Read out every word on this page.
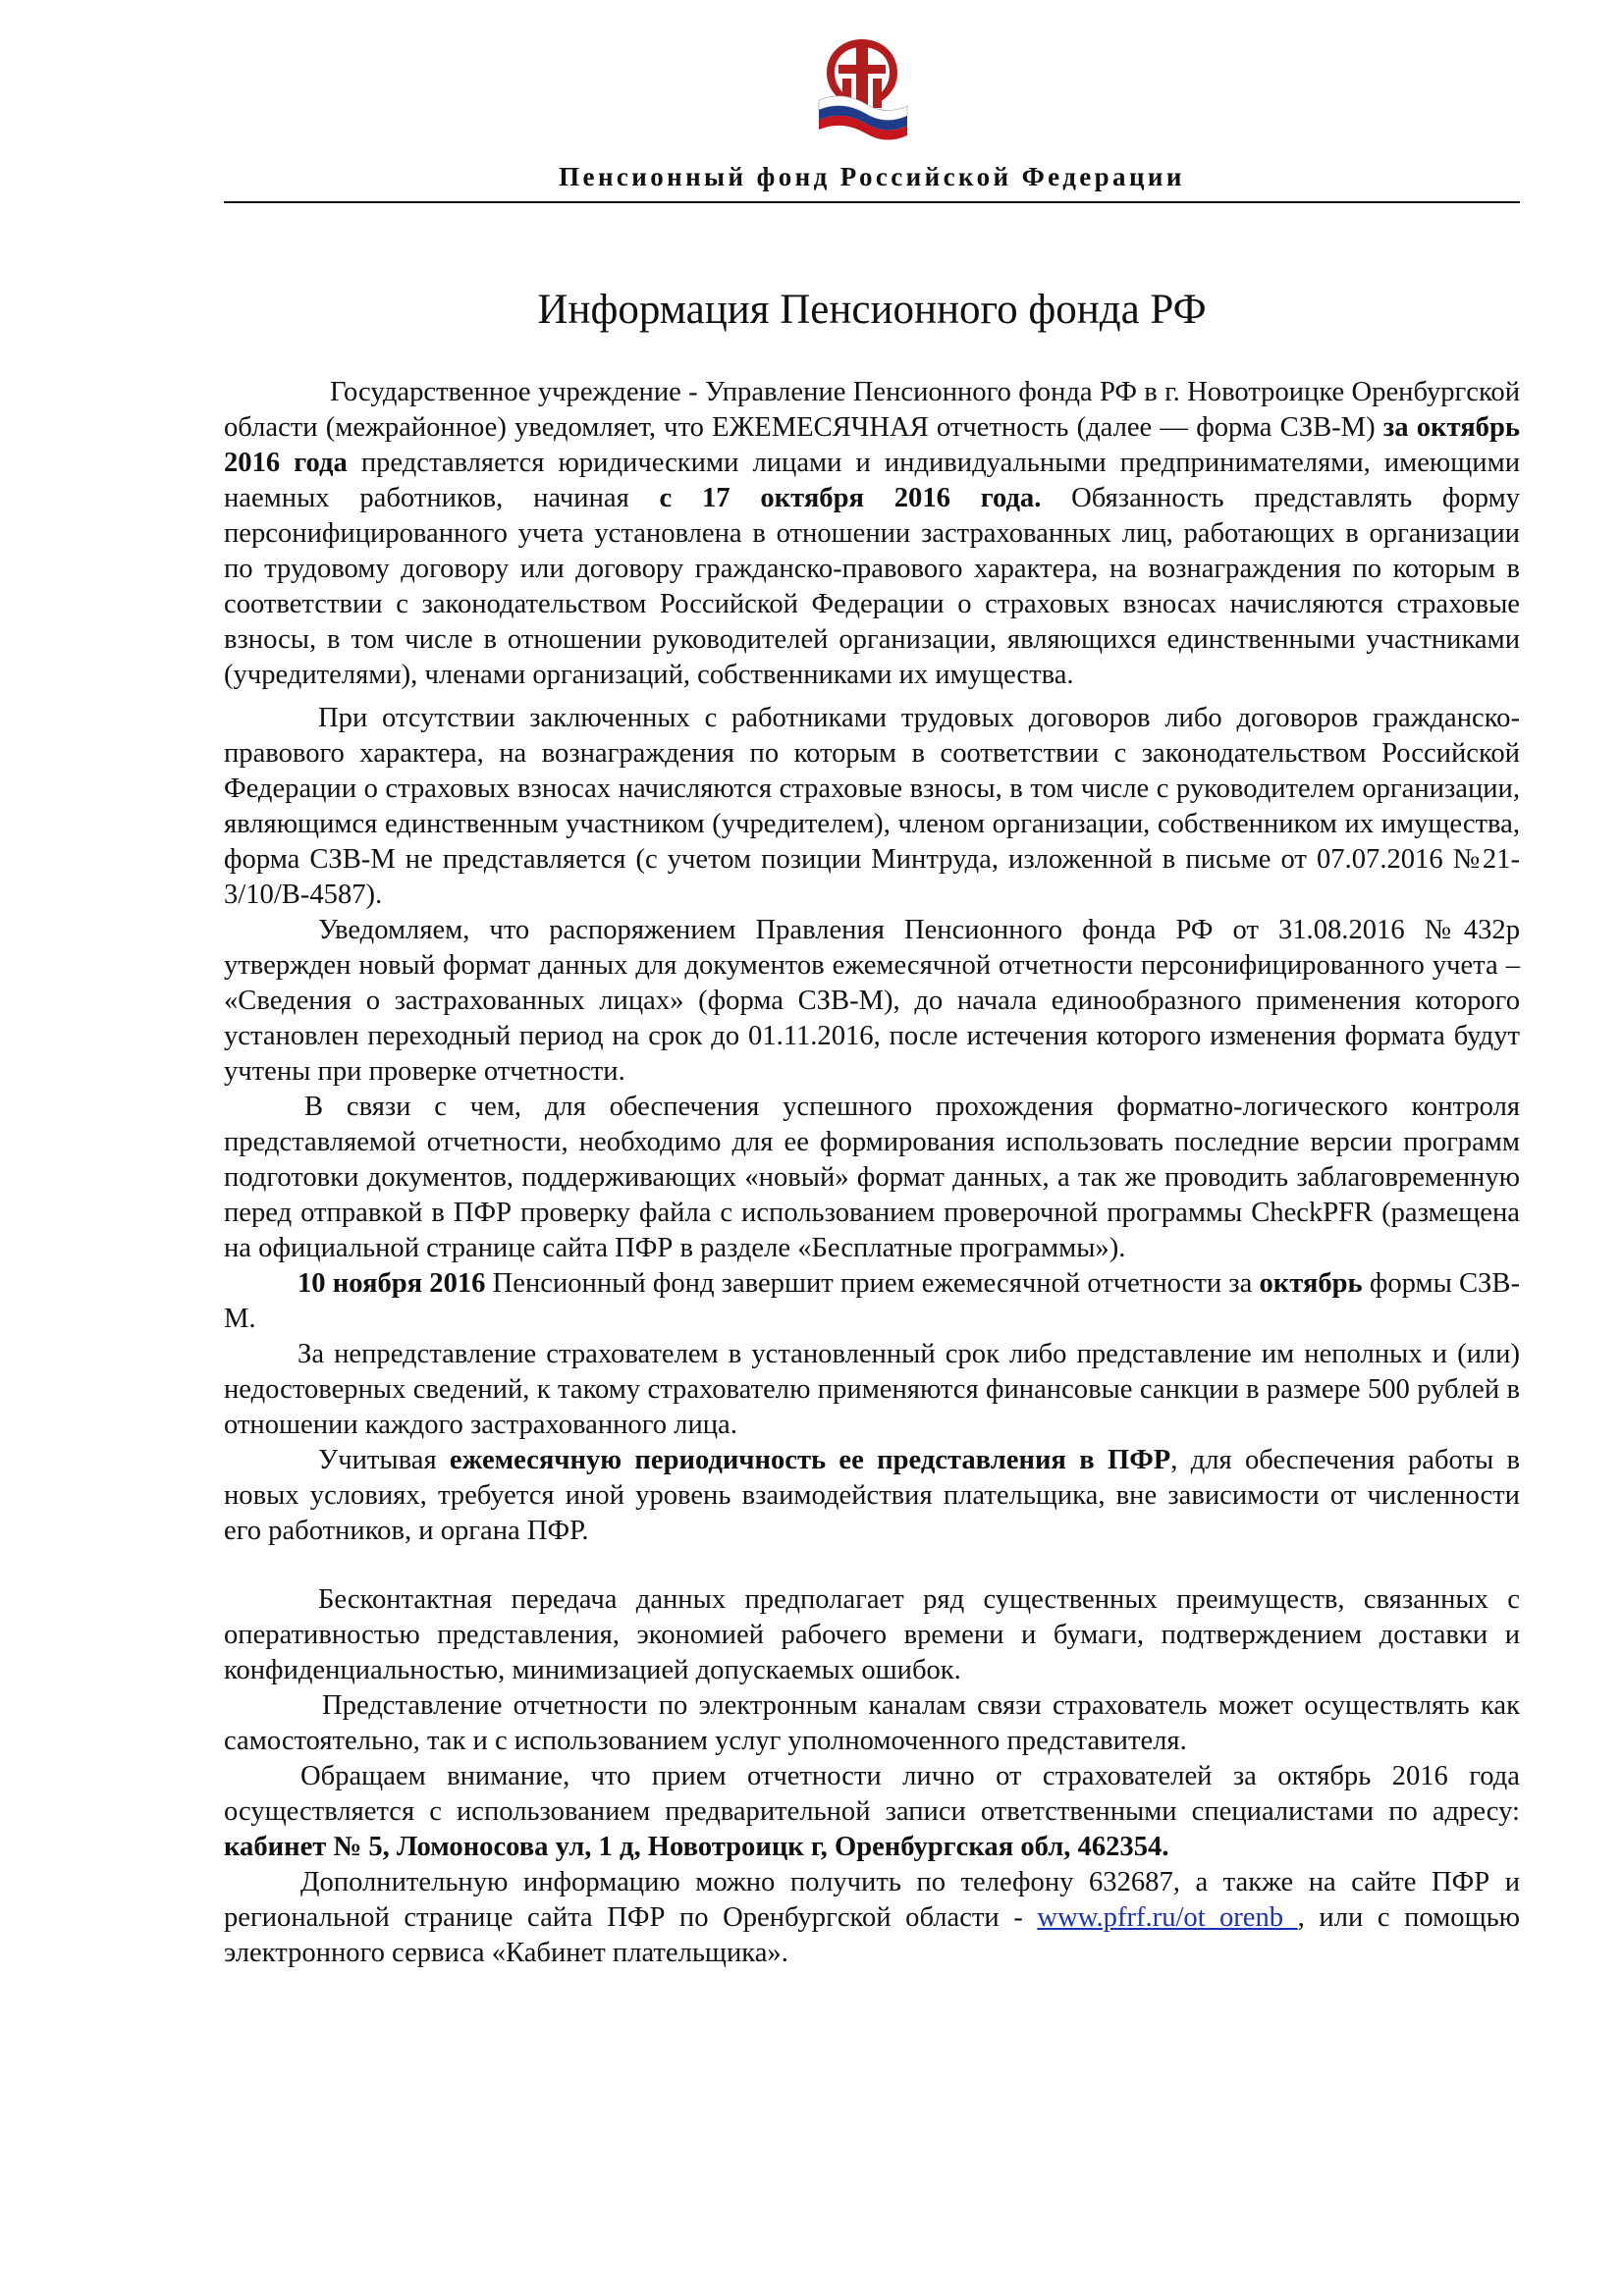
Пенсионный фонд Российской Федерации
Информация Пенсионного фонда РФ

Государственное учреждение - Управление Пенсионного фонда РФ в г. Новотроицке Оренбургской области (межрайонное) уведомляет, что ЕЖЕМЕСЯЧНАЯ отчетность (далее — форма СЗВ-М) за октябрь 2016 года представляется юридическими лицами и индивидуальными предпринимателями, имеющими наемных работников, начиная с 17 октября 2016 года. Обязанность представлять форму персонифицированного учета установлена в отношении застрахованных лиц, работающих в организации по трудовому договору или договору гражданско-правового характера, на вознаграждения по которым в соответствии с законодательством Российской Федерации о страховых взносах начисляются страховые взносы, в том числе в отношении руководителей организации, являющихся единственными участниками (учредителями), членами организаций, собственниками их имущества.

При отсутствии заключенных с работниками трудовых договоров либо договоров гражданско-правового характера, на вознаграждения по которым в соответствии с законодательством Российской Федерации о страховых взносах начисляются страховые взносы, в том числе с руководителем организации, являющимся единственным участником (учредителем), членом организации, собственником их имущества, форма СЗВ-М не представляется (с учетом позиции Минтруда, изложенной в письме от 07.07.2016 №21-3/10/В-4587).

Уведомляем, что распоряжением Правления Пенсионного фонда РФ от 31.08.2016 №432р утвержден новый формат данных для документов ежемесячной отчетности персонифицированного учета – «Сведения о застрахованных лицах» (форма СЗВ-М), до начала единообразного применения которого установлен переходный период на срок до 01.11.2016, после истечения которого изменения формата будут учтены при проверке отчетности.

В связи с чем, для обеспечения успешного прохождения форматно-логического контроля представляемой отчетности, необходимо для ее формирования использовать последние версии программ подготовки документов, поддерживающих «новый» формат данных, а так же проводить заблаговременную перед отправкой в ПФР проверку файла с использованием проверочной программы CheckPFR (размещена на официальной странице сайта ПФР в разделе «Бесплатные программы»).

10 ноября 2016 Пенсионный фонд завершит прием ежемесячной отчетности за октябрь формы СЗВ-М.

За непредставление страхователем в установленный срок либо представление им неполных и (или) недостоверных сведений, к такому страхователю применяются финансовые санкции в размере 500 рублей в отношении каждого застрахованного лица.

Учитывая ежемесячную периодичность ее представления в ПФР, для обеспечения работы в новых условиях, требуется иной уровень взаимодействия плательщика, вне зависимости от численности его работников, и органа ПФР.

Бесконтактная передача данных предполагает ряд существенных преимуществ, связанных с оперативностью представления, экономией рабочего времени и бумаги, подтверждением доставки и конфиденциальностью, минимизацией допускаемых ошибок.

Представление отчетности по электронным каналам связи страхователь может осуществлять как самостоятельно, так и с использованием услуг уполномоченного представителя.

Обращаем внимание, что прием отчетности лично от страхователей за октябрь 2016 года осуществляется с использованием предварительной записи ответственными специалистами по адресу: кабинет № 5, Ломоносова ул, 1 д, Новотроицк г, Оренбургская обл, 462354.

Дополнительную информацию можно получить по телефону 632687, а также на сайте ПФР и региональной странице сайта ПФР по Оренбургской области - www.pfrf.ru/ot_orenb , или с помощью электронного сервиса «Кабинет плательщика».
